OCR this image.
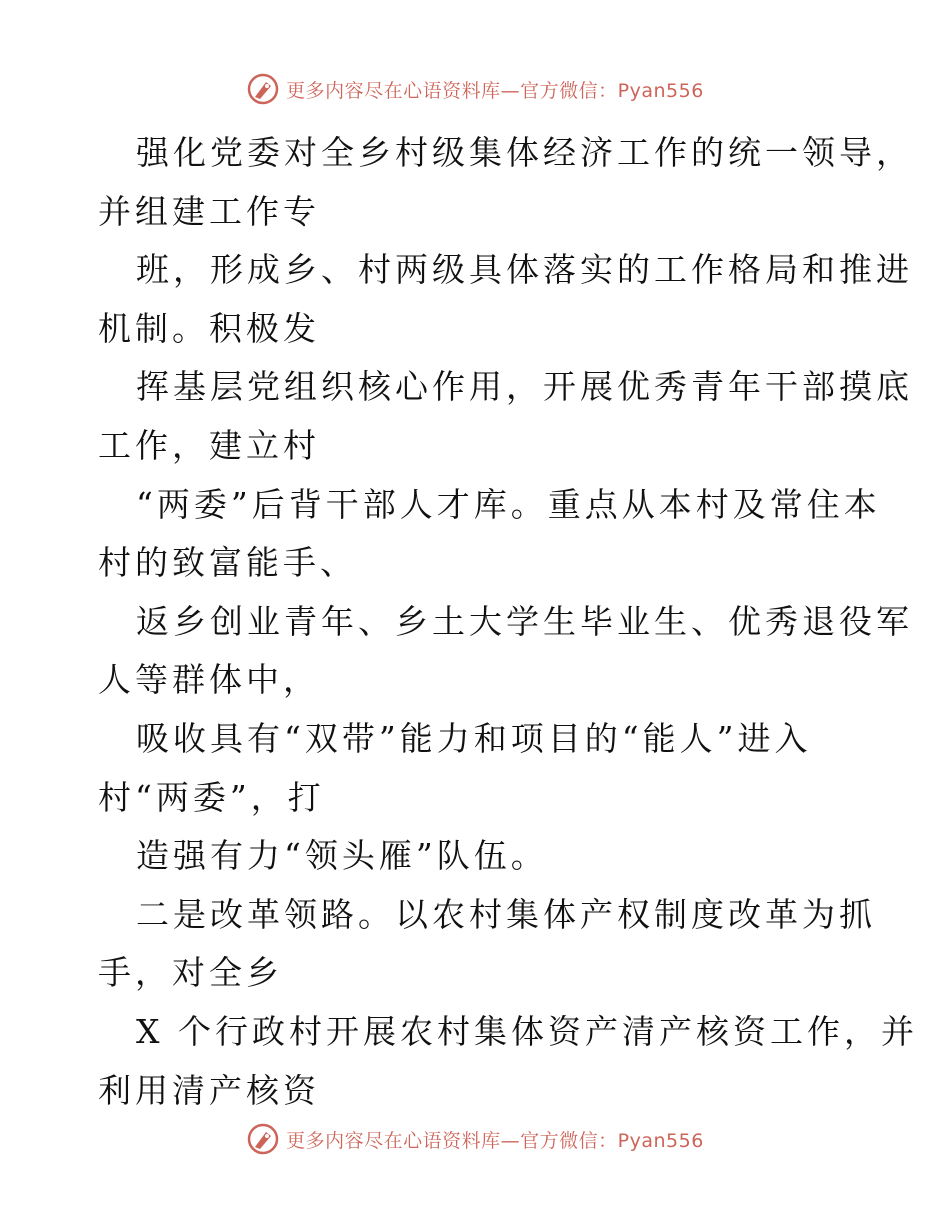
更多内容尽在心语资料库—官方微信：Pyan556
强化党委对全乡村级集体经济工作的统一领导，
并组建工作专
班，形成乡、村两级具体落实的工作格局和推进
机制。积极发
挥基层党组织核心作用，开展优秀青年干部摸底
工作，建立村
“两委”后背干部人才库。重点从本村及常住本
村的致富能手、
返乡创业青年、乡土大学生毕业生、优秀退役军
人等群体中，
吸收具有“双带”能力和项目的“能人”进入
村“两委”，打
造强有力“领头雁”队伍。
二是改革领路。以农村集体产权制度改革为抓
手，对全乡
X 个行政村开展农村集体资产清产核资工作，并
利用清产核资
更多内容尽在心语资料库—官方微信：Pyan556
